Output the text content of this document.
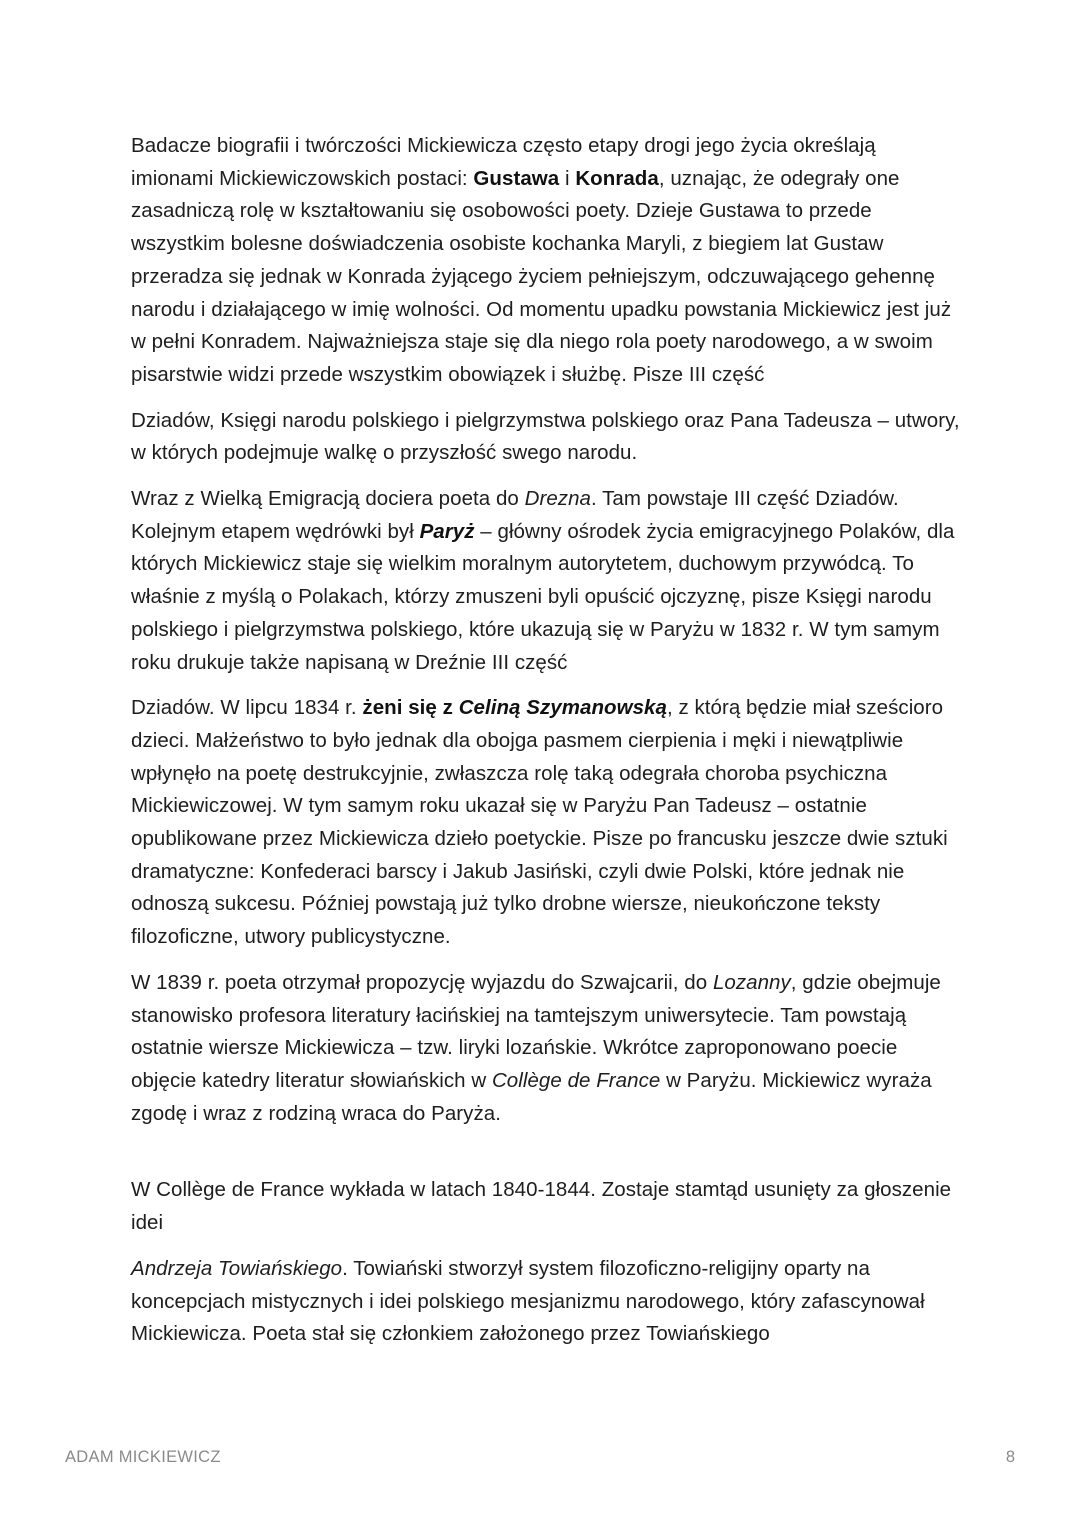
Badacze biografii i twórczości Mickiewicza często etapy drogi jego życia określają imionami Mickiewiczowskich postaci: Gustawa i Konrada, uznając, że odegrały one zasadniczą rolę w kształtowaniu się osobowości poety. Dzieje Gustawa to przede wszystkim bolesne doświadczenia osobiste kochanka Maryli, z biegiem lat Gustaw przeradza się jednak w Konrada żyjącego życiem pełniejszym, odczuwającego gehennę narodu i działającego w imię wolności. Od momentu upadku powstania Mickiewicz jest już w pełni Konradem. Najważniejsza staje się dla niego rola poety narodowego, a w swoim pisarstwie widzi przede wszystkim obowiązek i służbę. Pisze III część

Dziadów, Księgi narodu polskiego i pielgrzymstwa polskiego oraz Pana Tadeusza – utwory, w których podejmuje walkę o przyszłość swego narodu.

Wraz z Wielką Emigracją dociera poeta do Drezna. Tam powstaje III część Dziadów. Kolejnym etapem wędrówki był Paryż – główny ośrodek życia emigracyjnego Polaków, dla których Mickiewicz staje się wielkim moralnym autorytetem, duchowym przywódcą. To właśnie z myślą o Polakach, którzy zmuszeni byli opuścić ojczyznę, pisze Księgi narodu polskiego i pielgrzymstwa polskiego, które ukazują się w Paryżu w 1832 r. W tym samym roku drukuje także napisaną w Dreźnie III część

Dziadów. W lipcu 1834 r. żeni się z Celiną Szymanowską, z którą będzie miał sześcioro dzieci. Małżeństwo to było jednak dla obojga pasmem cierpienia i męki i niewątpliwie wpłynęło na poetę destrukcyjnie, zwłaszcza rolę taką odegrała choroba psychiczna Mickiewiczowej. W tym samym roku ukazał się w Paryżu Pan Tadeusz – ostatnie opublikowane przez Mickiewicza dzieło poetyckie. Pisze po francusku jeszcze dwie sztuki dramatyczne: Konfederaci barscy i Jakub Jasiński, czyli dwie Polski, które jednak nie odnoszą sukcesu. Później powstają już tylko drobne wiersze, nieukończone teksty filozoficzne, utwory publicystyczne.

W 1839 r. poeta otrzymał propozycję wyjazdu do Szwajcarii, do Lozanny, gdzie obejmuje stanowisko profesora literatury łacińskiej na tamtejszym uniwersytecie. Tam powstają ostatnie wiersze Mickiewicza – tzw. liryki lozańskie. Wkrótce zaproponowano poecie objęcie katedry literatur słowiańskich w Collège de France w Paryżu. Mickiewicz wyraża zgodę i wraz z rodziną wraca do Paryża.

W Collège de France wykłada w latach 1840-1844. Zostaje stamtąd usunięty za głoszenie idei

Andrzeja Towiańskiego. Towiański stworzył system filozoficzno-religijny oparty na koncepcjach mistycznych i idei polskiego mesjanizmu narodowego, który zafascynował Mickiewicza. Poeta stał się członkiem założonego przez Towiańskiego

ADAM MICKIEWICZ	8
